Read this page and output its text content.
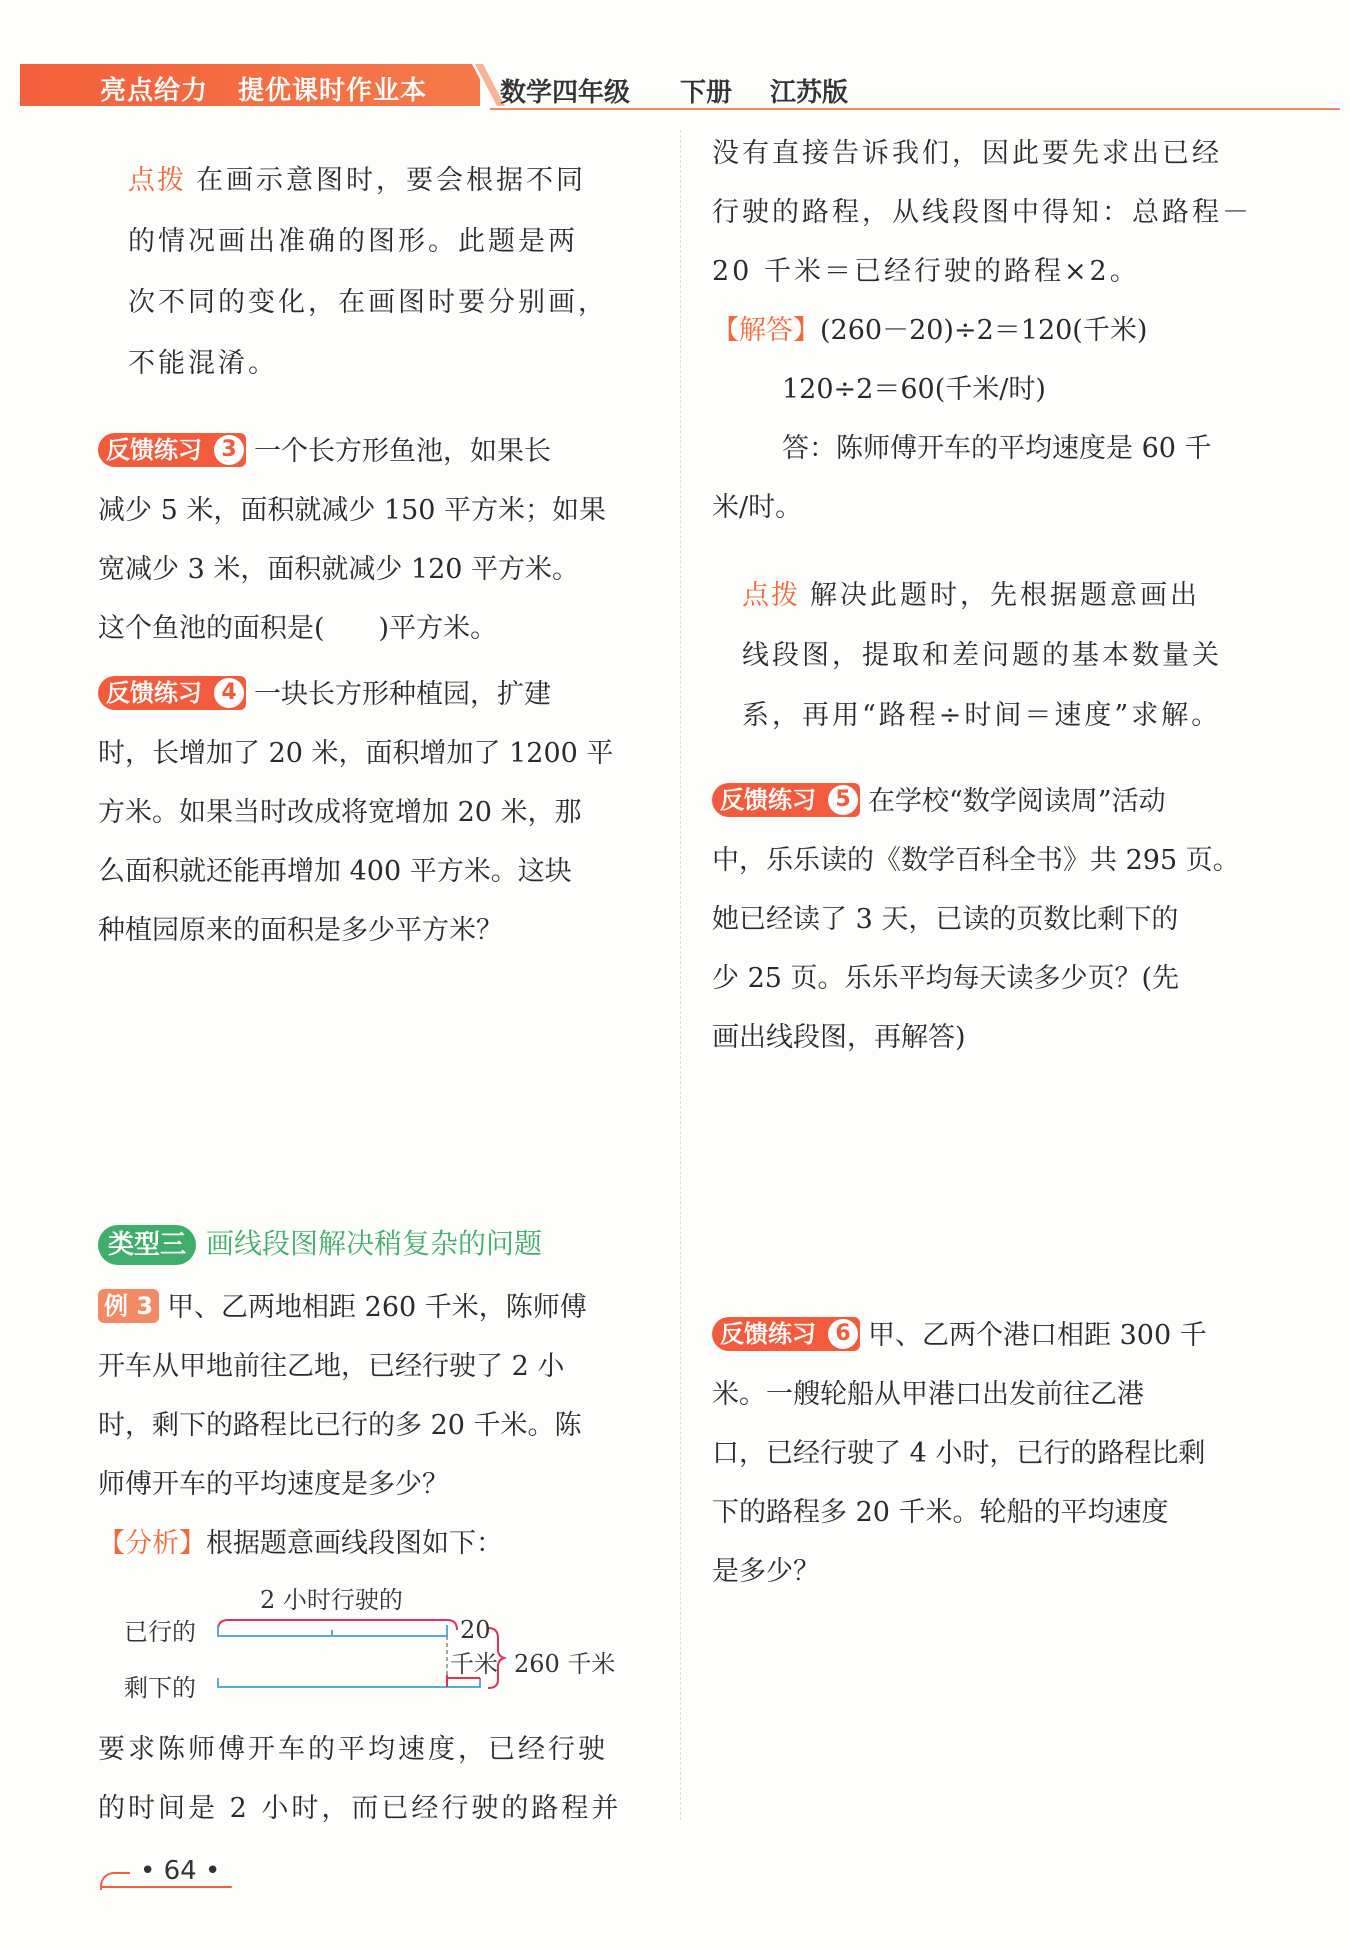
亮点给力 提优课时作业本	数学四年级 下册 江苏版

点拨 在画示意图时，要会根据不同

的情况画出准确的图形。此题是两

次不同的变化，在画图时要分别画，

不能混淆。

反馈练习 3 一个长方形鱼池，如果长

减少 5 米，面积就减少 150 平方米；如果

宽减少 3 米，面积就减少 120 平方米。

这个鱼池的面积是(　　)平方米。

反馈练习 4 一块长方形种植园，扩建

时，长增加了 20 米，面积增加了 1200 平

方米。如果当时改成将宽增加 20 米，那

么面积就还能再增加 400 平方米。这块

种植园原来的面积是多少平方米？

类型三 画线段图解决稍复杂的问题

例 3 甲、乙两地相距 260 千米，陈师傅

开车从甲地前往乙地，已经行驶了 2 小

时，剩下的路程比已行的多 20 千米。陈

师傅开车的平均速度是多少？

【分析】根据题意画线段图如下：

2 小时行驶的
已行的
剩下的
20
千米 260 千米

要求陈师傅开车的平均速度，已经行驶

的时间是 2 小时，而已经行驶的路程并

没有直接告诉我们，因此要先求出已经

行驶的路程，从线段图中得知：总路程－

20 千米＝已经行驶的路程×2。

【解答】(260－20)÷2＝120(千米)

120÷2＝60(千米/时)

答：陈师傅开车的平均速度是 60 千

米/时。

点拨 解决此题时，先根据题意画出

线段图，提取和差问题的基本数量关

系，再用“路程÷时间＝速度”求解。

反馈练习 5 在学校“数学阅读周”活动

中，乐乐读的《数学百科全书》共 295 页。

她已经读了 3 天，已读的页数比剩下的

少 25 页。乐乐平均每天读多少页？(先

画出线段图，再解答)

反馈练习 6 甲、乙两个港口相距 300 千

米。一艘轮船从甲港口出发前往乙港

口，已经行驶了 4 小时，已行的路程比剩

下的路程多 20 千米。轮船的平均速度

是多少？

• 64 •
